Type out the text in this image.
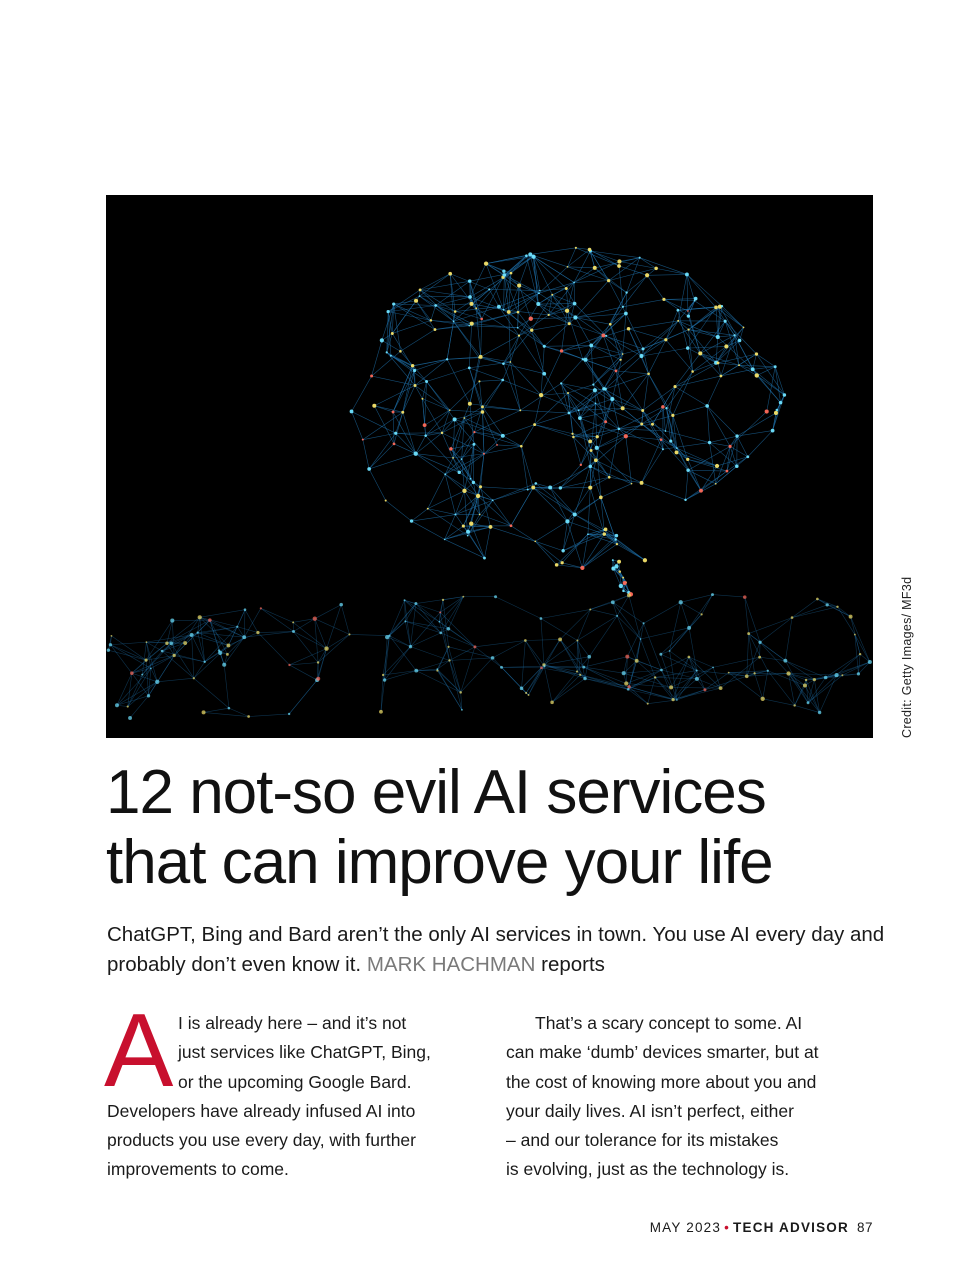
Credit: Getty Images/ MF3d
12 not-so evil AI services
that can improve your life

ChatGPT, Bing and Bard aren’t the only AI services in town. You use AI every day and probably don’t even know it. MARK HACHMAN reports

A I is already here – and it’s not
just services like ChatGPT, Bing,
or the upcoming Google Bard.
Developers have already infused AI into
products you use every day, with further
improvements to come.

That’s a scary concept to some. AI
can make ‘dumb’ devices smarter, but at
the cost of knowing more about you and
your daily lives. AI isn’t perfect, either
– and our tolerance for its mistakes
is evolving, just as the technology is.

MAY 2023 • TECH ADVISOR 87
